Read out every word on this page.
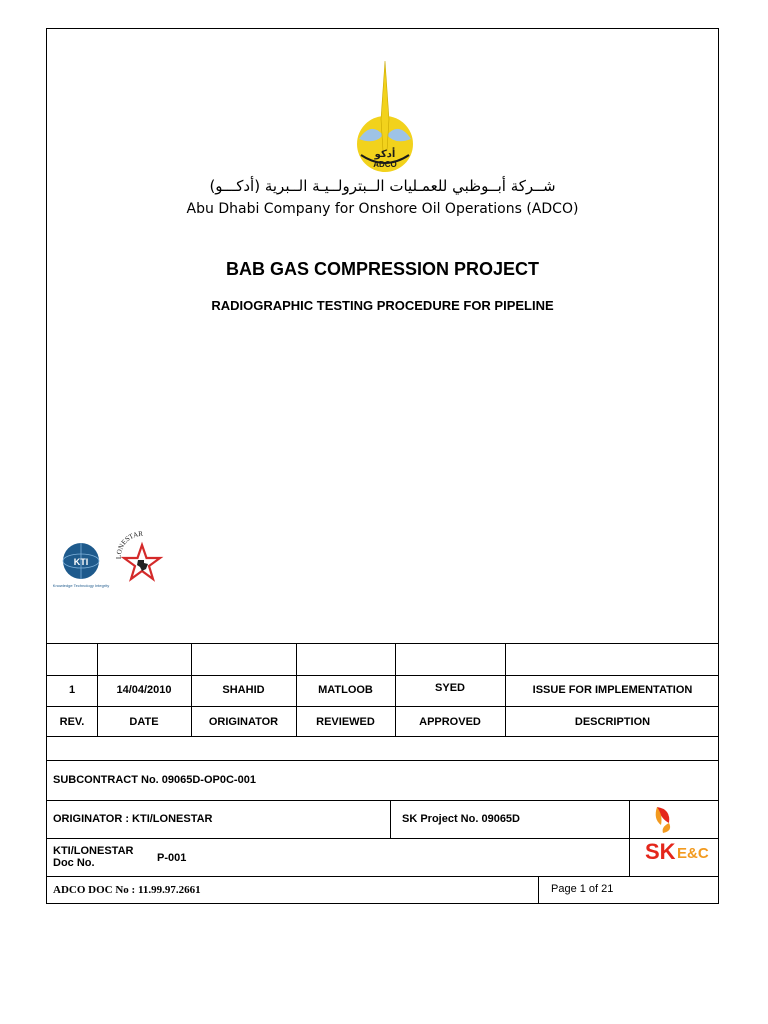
أدكو
ADCO
شــركة أبــوظبي للعمـليات الــبترولــيـة الــبرية (أدكـــو)
Abu Dhabi Company for Onshore Oil Operations (ADCO)
BAB GAS COMPRESSION PROJECT
RADIOGRAPHIC TESTING PROCEDURE FOR PIPELINE
KTI
Knowledge Technology Integrity
LONESTAR
1	14/04/2010	SHAHID	MATLOOB	SYED	ISSUE FOR IMPLEMENTATION
REV.	DATE	ORIGINATOR	REVIEWED	APPROVED	DESCRIPTION
SUBCONTRACT No. 09065D-OP0C-001
ORIGINATOR : KTI/LONESTAR	SK Project No. 09065D
KTI/LONESTAR
Doc No.	P-001
ADCO DOC No : 11.99.97.2661	Page 1 of 21
SK E&C
